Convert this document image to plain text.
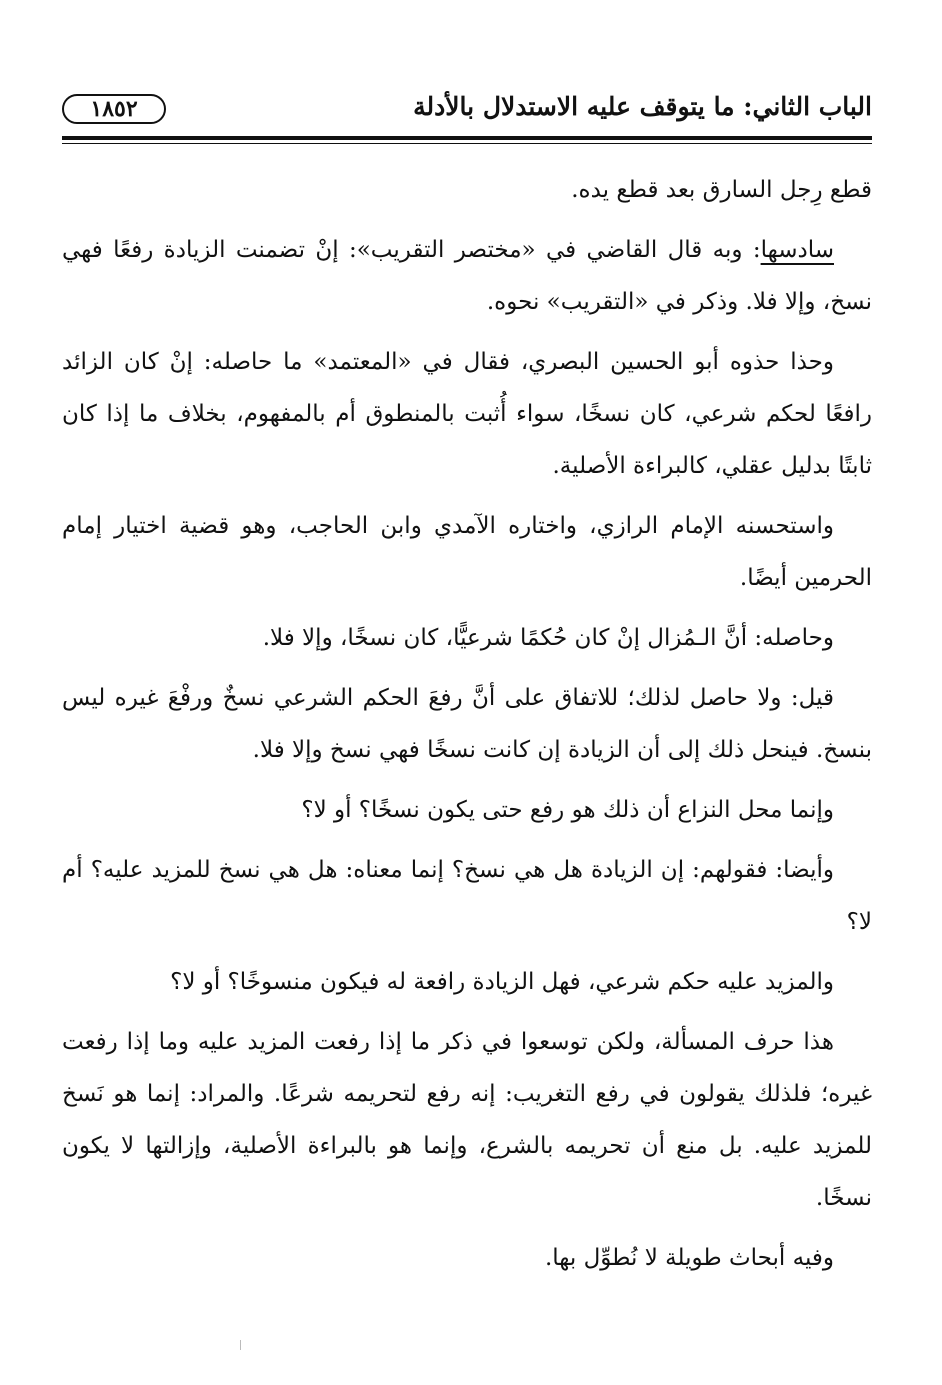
الباب الثاني: ما يتوقف عليه الاستدلال بالأدلة
١٨٥٢

قطع رِجل السارق بعد قطع يده.

سادسها: وبه قال القاضي في «مختصر التقريب»: إنْ تضمنت الزيادة رفعًا فهي نسخ، وإلا فلا. وذكر في «التقريب» نحوه.

وحذا حذوه أبو الحسين البصري، فقال في «المعتمد» ما حاصله: إنْ كان الزائد رافعًا لحكم شرعي، كان نسخًا، سواء أُثبت بالمنطوق أم بالمفهوم، بخلاف ما إذا كان ثابتًا بدليل عقلي، كالبراءة الأصلية.

واستحسنه الإمام الرازي، واختاره الآمدي وابن الحاجب، وهو قضية اختيار إمام الحرمين أيضًا.

وحاصله: أنَّ الـمُزال إنْ كان حُكمًا شرعيًّا، كان نسخًا، وإلا فلا.

قيل: ولا حاصل لذلك؛ للاتفاق على أنَّ رفعَ الحكم الشرعي نسخٌ ورفْعَ غيره ليس بنسخ. فينحل ذلك إلى أن الزيادة إن كانت نسخًا فهي نسخ وإلا فلا.

وإنما محل النزاع أن ذلك هو رفع حتى يكون نسخًا؟ أو لا؟

وأيضا: فقولهم: إن الزيادة هل هي نسخ؟ إنما معناه: هل هي نسخ للمزيد عليه؟ أم لا؟

والمزيد عليه حكم شرعي، فهل الزيادة رافعة له فيكون منسوخًا؟ أو لا؟

هذا حرف المسألة، ولكن توسعوا في ذكر ما إذا رفعت المزيد عليه وما إذا رفعت غيره؛ فلذلك يقولون في رفع التغريب: إنه رفع لتحريمه شرعًا. والمراد: إنما هو نَسخ للمزيد عليه. بل منع أن تحريمه بالشرع، وإنما هو بالبراءة الأصلية، وإزالتها لا يكون نسخًا.

وفيه أبحاث طويلة لا نُطوِّل بها.
